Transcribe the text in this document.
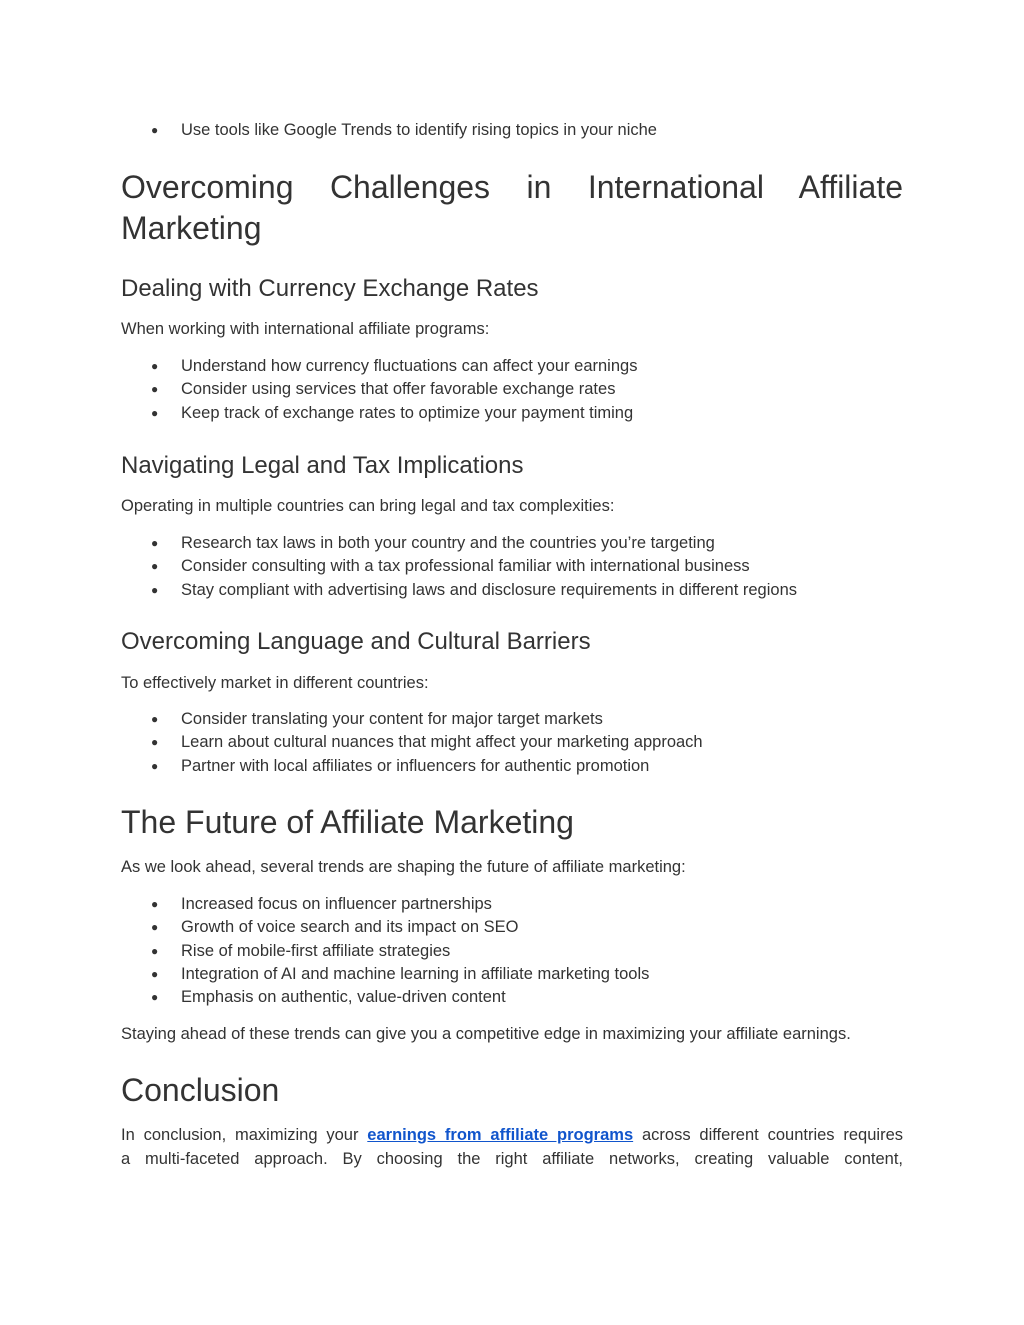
● Use tools like Google Trends to identify rising topics in your niche
Overcoming Challenges in International Affiliate
Marketing
Dealing with Currency Exchange Rates

When working with international affiliate programs:

● Understand how currency fluctuations can affect your earnings
● Consider using services that offer favorable exchange rates
● Keep track of exchange rates to optimize your payment timing
Navigating Legal and Tax Implications

Operating in multiple countries can bring legal and tax complexities:

● Research tax laws in both your country and the countries you’re targeting
● Consider consulting with a tax professional familiar with international business
● Stay compliant with advertising laws and disclosure requirements in different regions
Overcoming Language and Cultural Barriers

To effectively market in different countries:

● Consider translating your content for major target markets
● Learn about cultural nuances that might affect your marketing approach
● Partner with local affiliates or influencers for authentic promotion
The Future of Affiliate Marketing

As we look ahead, several trends are shaping the future of affiliate marketing:

● Increased focus on influencer partnerships
● Growth of voice search and its impact on SEO
● Rise of mobile-first affiliate strategies
● Integration of AI and machine learning in affiliate marketing tools
● Emphasis on authentic, value-driven content

Staying ahead of these trends can give you a competitive edge in maximizing your affiliate earnings.

Conclusion

In conclusion, maximizing your earnings from affiliate programs across different countries requires

a multi-faceted approach. By choosing the right affiliate networks, creating valuable content,
